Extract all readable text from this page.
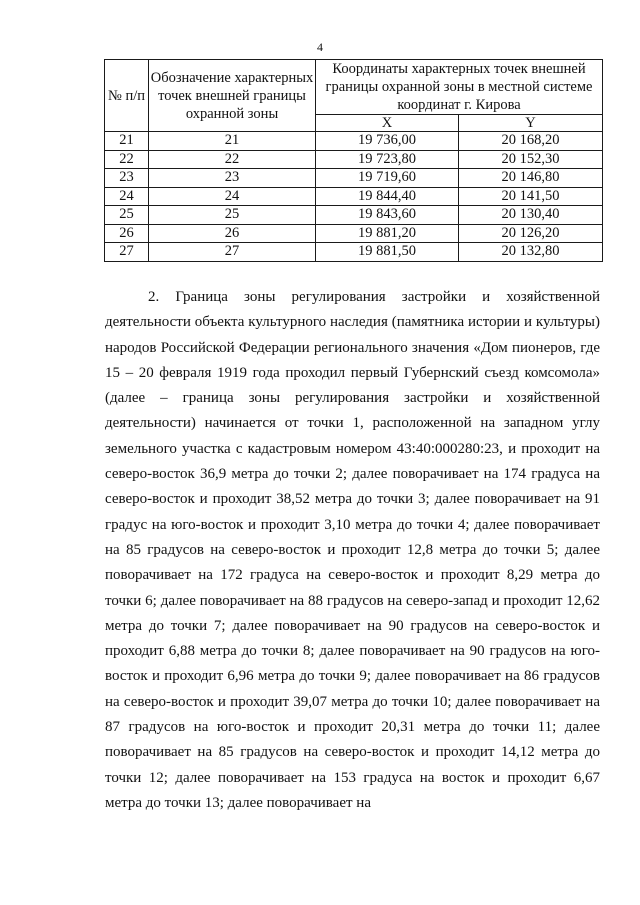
4
№ п/п	Обозначение характерных точек внешней границы охранной зоны	Координаты характерных точек внешней границы охранной зоны в местной системе координат г. Кирова	
		X	Y
21	21	19 736,00	20 168,20
22	22	19 723,80	20 152,30
23	23	19 719,60	20 146,80
24	24	19 844,40	20 141,50
25	25	19 843,60	20 130,40
26	26	19 881,20	20 126,20
27	27	19 881,50	20 132,80

2. Граница зоны регулирования застройки и хозяйственной деятельности объекта культурного наследия (памятника истории и культуры) народов Российской Федерации регионального значения «Дом пионеров, где 15 – 20 февраля 1919 года проходил первый Губернский съезд комсомола» (далее – граница зоны регулирования застройки и хозяйственной деятельности) начинается от точки 1, расположенной на западном углу земельного участка с кадастровым номером 43:40:000280:23, и проходит на северо-восток 36,9 метра до точки 2; далее поворачивает на 174 градуса на северо-восток и проходит 38,52 метра до точки 3; далее поворачивает на 91 градус на юго-восток и проходит 3,10 метра до точки 4; далее поворачивает на 85 градусов на северо-восток и проходит 12,8 метра до точки 5; далее поворачивает на 172 градуса на северо-восток и проходит 8,29 метра до точки 6; далее поворачивает на 88 градусов на северо-запад и проходит 12,62 метра до точки 7; далее поворачивает на 90 градусов на северо-восток и проходит 6,88 метра до точки 8; далее поворачивает на 90 градусов на юго-восток и проходит 6,96 метра до точки 9; далее поворачивает на 86 градусов на северо-восток и проходит 39,07 метра до точки 10; далее поворачивает на 87 градусов на юго-восток и проходит 20,31 метра до точки 11; далее поворачивает на 85 градусов на северо-восток и проходит 14,12 метра до точки 12; далее поворачивает на 153 градуса на восток и проходит 6,67 метра до точки 13; далее поворачивает на
